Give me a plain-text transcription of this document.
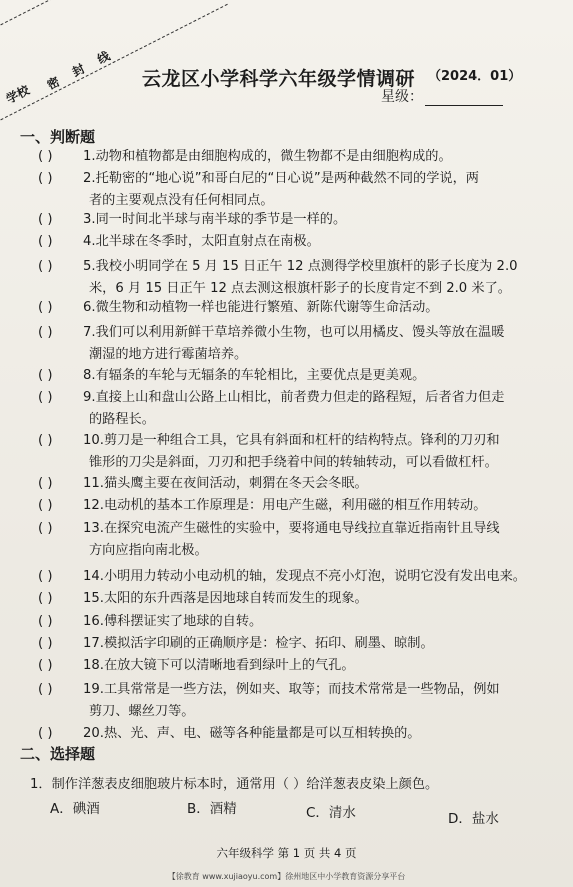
学校
密 封 线 云龙区小学科学六年级学情调研 （2024．01）
星级：
一、判断题
( ) 1.动物和植物都是由细胞构成的，微生物都不是由细胞构成的。
( ) 2.托勒密的“地心说”和哥白尼的“日心说”是两种截然不同的学说，两
者的主要观点没有任何相同点。
( ) 3.同一时间北半球与南半球的季节是一样的。
( ) 4.北半球在冬季时，太阳直射点在南极。
( ) 5.我校小明同学在 5 月 15 日正午 12 点测得学校里旗杆的影子长度为 2.0
米，6 月 15 日正午 12 点去测这根旗杆影子的长度肯定不到 2.0 米了。
( ) 6.微生物和动植物一样也能进行繁殖、新陈代谢等生命活动。
( ) 7.我们可以利用新鲜干草培养微小生物，也可以用橘皮、馒头等放在温暖
潮湿的地方进行霉菌培养。
( ) 8.有辐条的车轮与无辐条的车轮相比，主要优点是更美观。
( ) 9.直接上山和盘山公路上山相比，前者费力但走的路程短，后者省力但走
的路程长。
( ) 10.剪刀是一种组合工具，它具有斜面和杠杆的结构特点。锋利的刀刃和
锥形的刀尖是斜面，刀刃和把手绕着中间的转轴转动，可以看做杠杆。
( ) 11.猫头鹰主要在夜间活动，刺猬在冬天会冬眠。
( ) 12.电动机的基本工作原理是：用电产生磁，利用磁的相互作用转动。
( ) 13.在探究电流产生磁性的实验中，要将通电导线拉直靠近指南针且导线
方向应指向南北极。
( ) 14.小明用力转动小电动机的轴，发现点不亮小灯泡，说明它没有发出电来。
( ) 15.太阳的东升西落是因地球自转而发生的现象。
( ) 16.傅科摆证实了地球的自转。
( ) 17.模拟活字印刷的正确顺序是：检字、拓印、刷墨、晾制。
( ) 18.在放大镜下可以清晰地看到绿叶上的气孔。
( ) 19.工具常常是一些方法，例如夹、取等；而技术常常是一些物品，例如
剪刀、螺丝刀等。
( ) 20.热、光、声、电、磁等各种能量都是可以互相转换的。
二、选择题
1．制作洋葱表皮细胞玻片标本时，通常用（ ）给洋葱表皮染上颜色。
A．碘酒	B．酒精	C．清水	D．盐水
六年级科学 第 1 页 共 4 页
【徐教育 www.xujiaoyu.com】徐州地区中小学教育资源分享平台
